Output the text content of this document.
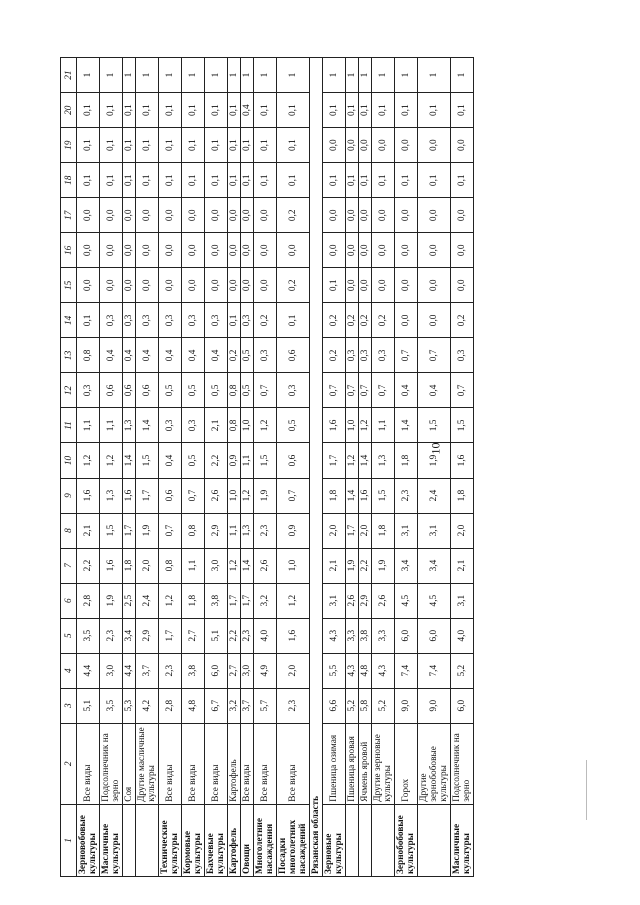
10
1	2	3	4	5	6	7	8	9	10	11	12	13	14	15	16	17	18	19	20	21
Зерновобовые культуры	Все виды	5,1	4,4	3,5	2,8	2,2	2,1	1,6	1,2	1,1	0,3	0,8	0,1	0,0	0,0	0,0	0,1	0,1	0,1	1
Масличные культуры	Подсолнечник на зерно	3,5	3,0	2,3	1,9	1,6	1,5	1,3	1,2	1,1	0,6	0,4	0,3	0,0	0,0	0,0	0,1	0,1	0,1	1
	Соя	5,3	4,4	3,4	2,5	1,8	1,7	1,6	1,4	1,3	0,6	0,4	0,3	0,0	0,0	0,0	0,1	0,1	0,1	1
	Другие масличные культуры	4,2	3,7	2,9	2,4	2,0	1,9	1,7	1,5	1,4	0,6	0,4	0,3	0,0	0,0	0,0	0,1	0,1	0,1	1
Технические культуры	Все виды	2,8	2,3	1,7	1,2	0,8	0,7	0,6	0,4	0,3	0,5	0,4	0,3	0,0	0,0	0,0	0,1	0,1	0,1	1
Кормовые культуры	Все виды	4,8	3,8	2,7	1,8	1,1	0,8	0,7	0,5	0,3	0,5	0,4	0,3	0,0	0,0	0,0	0,1	0,1	0,1	1
Бахчевые культуры	Все виды	6,7	6,0	5,1	3,8	3,0	2,9	2,6	2,2	2,1	0,5	0,4	0,3	0,0	0,0	0,0	0,1	0,1	0,1	1
Картофель	Картофель	3,2	2,7	2,2	1,7	1,2	1,1	1,0	0,9	0,8	0,8	0,2	0,1	0,0	0,0	0,0	0,1	0,1	0,1	1
Овощи	Все виды	3,7	3,0	2,3	1,7	1,4	1,3	1,2	1,1	1,0	0,5	0,5	0,3	0,0	0,0	0,0	0,1	0,1	0,4	1
Многолетние насаждения	Все виды	5,7	4,9	4,0	3,2	2,6	2,3	1,9	1,5	1,2	0,7	0,3	0,2	0,0	0,0	0,0	0,1	0,1	0,1	1
Посадки многолетних насаждений	Все виды	2,3	2,0	1,6	1,2	1,0	0,9	0,7	0,6	0,5	0,3	0,6	0,1	0,2	0,0	0,2	0,1	0,1	0,1	1
Рязанская область																				
Зерновые культуры	Пшеница озимая	6,6	5,5	4,3	3,1	2,1	2,0	1,8	1,7	1,6	0,7	0,2	0,2	0,1	0,0	0,0	0,1	0,0	0,1	1
	Пшеница яровая	5,2	4,3	3,3	2,6	1,9	1,7	1,4	1,2	1,0	0,7	0,3	0,2	0,0	0,0	0,0	0,1	0,0	0,1	1
	Ячмень яровой	5,8	4,8	3,8	2,9	2,2	2,0	1,6	1,4	1,2	0,7	0,3	0,2	0,0	0,0	0,0	0,1	0,0	0,1	1
	Другие зерновые культуры	5,2	4,3	3,3	2,6	1,9	1,8	1,5	1,3	1,1	0,7	0,3	0,2	0,0	0,0	0,0	0,1	0,0	0,1	1
Зернобобовые культуры	Горох	9,0	7,4	6,0	4,5	3,4	3,1	2,3	1,8	1,4	0,4	0,7	0,0	0,0	0,0	0,0	0,1	0,0	0,1	1
	Другие зернобобовые культуры	9,0	7,4	6,0	4,5	3,4	3,1	2,4	1,9	1,5	0,4	0,7	0,0	0,0	0,0	0,0	0,1	0,0	0,1	1
Масличные культуры	Подсолнечник на зерно	6,0	5,2	4,0	3,1	2,1	2,0	1,8	1,6	1,5	0,7	0,3	0,2	0,0	0,0	0,0	0,1	0,0	0,1	1
